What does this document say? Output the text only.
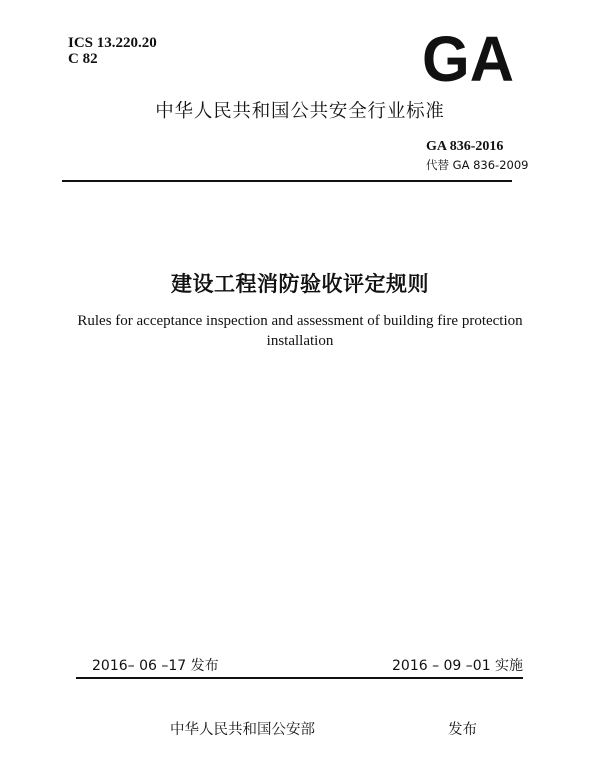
ICS 13.220.20
C 82	GA
中华人民共和国公共安全行业标准
GA 836-2016
代替 GA 836-2009
建设工程消防验收评定规则
Rules for acceptance inspection and assessment of building fire protection installation
2016– 06 –17 发布	2016 – 09 –01 实施
中华人民共和国公安部	发布
